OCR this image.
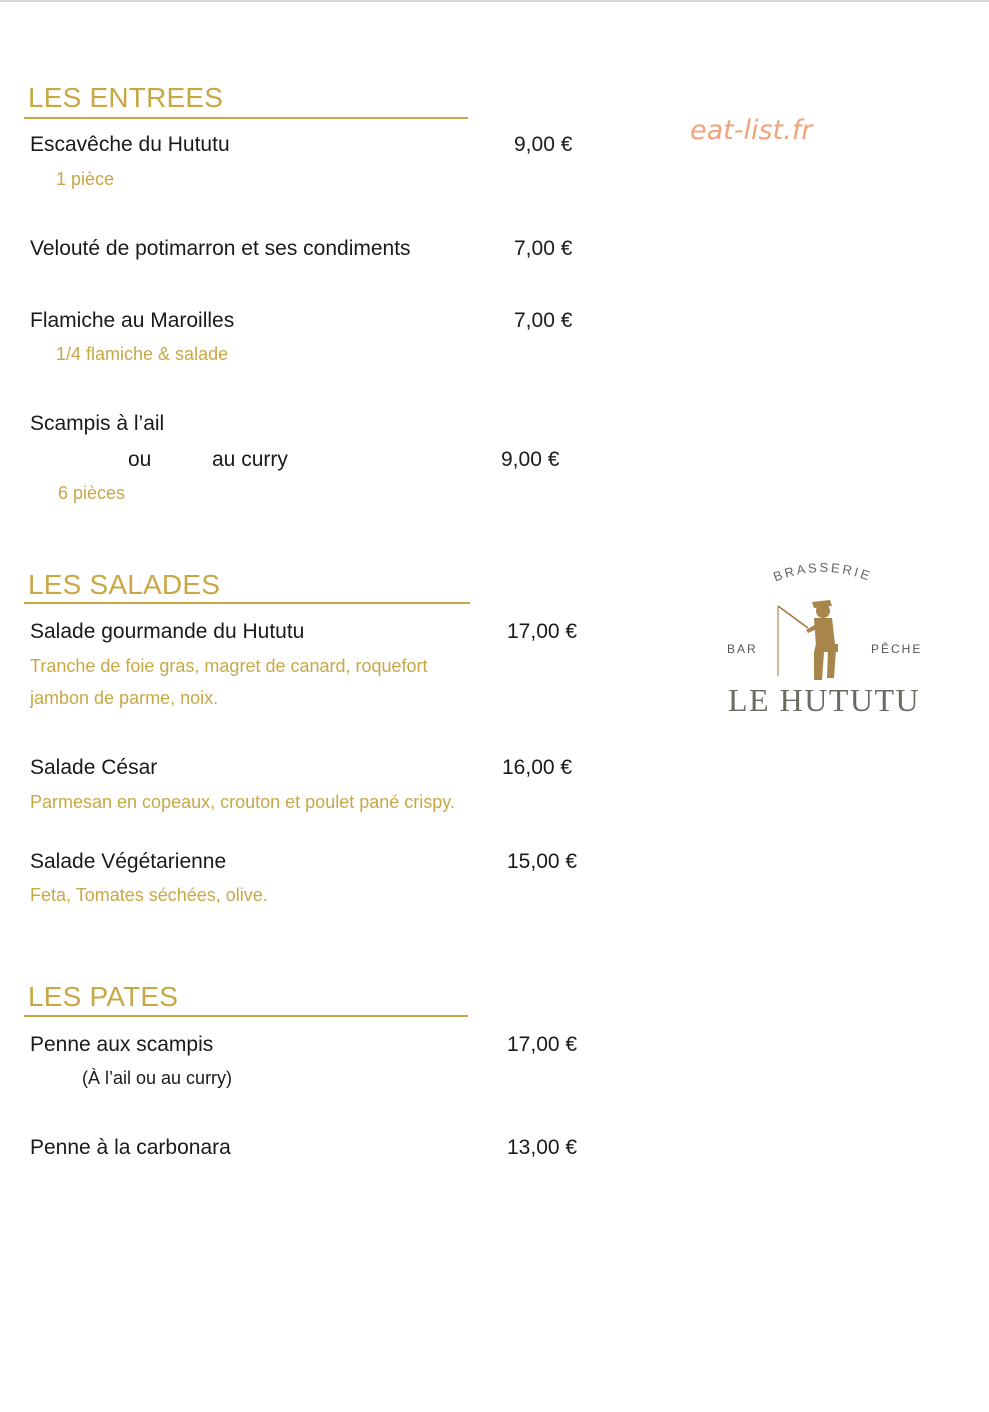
LES ENTREES
Escavêche du Hututu	9,00 €
1 pièce
Velouté de potimarron et ses condiments	7,00 €
Flamiche au Maroilles	7,00 €
1/4 flamiche & salade
Scampis à l’ail
ou	au curry	9,00 €
6 pièces
LES SALADES
Salade gourmande du Hututu	17,00 €
Tranche de foie gras, magret de canard, roquefort
jambon de parme, noix.
Salade César	16,00 €
Parmesan en copeaux, crouton et poulet pané crispy.
Salade Végétarienne	15,00 €
Feta, Tomates séchées, olive.
LES PATES
Penne aux scampis	17,00 €
(À l’ail ou au curry)
Penne à la carbonara	13,00 €
eat-list.fr
BRASSERIE
BAR	PÊCHE
LE HUTUTU
